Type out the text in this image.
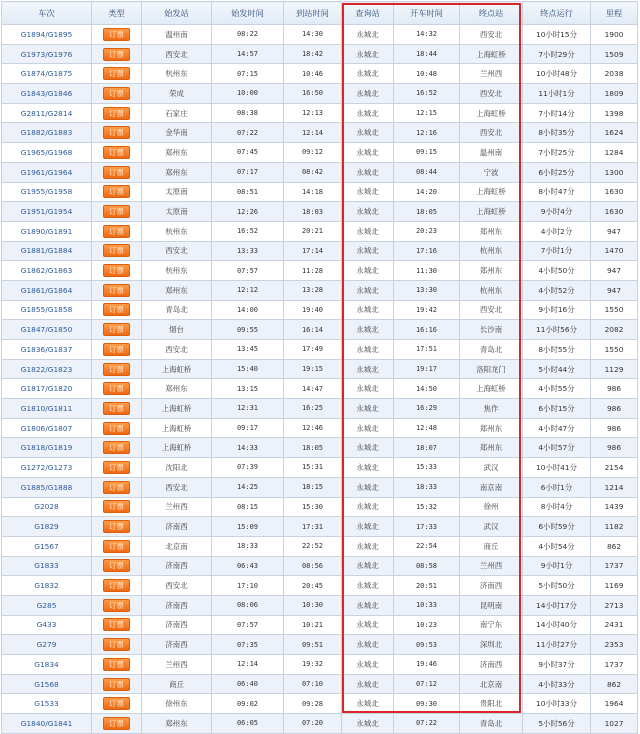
车次	类型	始发站	始发时间	到站时间	查询站	开车时间	终点站	终点运行	里程
G1894/G1895	订票	温州南	08:22	14:30	永城北	14:32	西安北	10小时15分	1900
G1973/G1976	订票	西安北	14:57	18:42	永城北	18:44	上海虹桥	7小时29分	1509
G1874/G1875	订票	杭州东	07:15	10:46	永城北	10:48	兰州西	10小时48分	2038
G1843/G1846	订票	荣成	10:00	16:50	永城北	16:52	西安北	11小时1分	1809
G2811/G2814	订票	石家庄	08:38	12:13	永城北	12:15	上海虹桥	7小时14分	1398
G1882/G1883	订票	金华南	07:22	12:14	永城北	12:16	西安北	8小时35分	1624
G1965/G1968	订票	郑州东	07:45	09:12	永城北	09:15	温州南	7小时25分	1284
G1961/G1964	订票	郑州东	07:17	08:42	永城北	08:44	宁波	6小时25分	1300
G1955/G1958	订票	太原南	08:51	14:18	永城北	14:20	上海虹桥	8小时47分	1630
G1951/G1954	订票	太原南	12:26	18:03	永城北	18:05	上海虹桥	9小时4分	1630
G1890/G1891	订票	杭州东	16:52	20:21	永城北	20:23	郑州东	4小时2分	947
G1881/G1884	订票	西安北	13:33	17:14	永城北	17:16	杭州东	7小时1分	1470
G1862/G1863	订票	杭州东	07:57	11:28	永城北	11:30	郑州东	4小时50分	947
G1861/G1864	订票	郑州东	12:12	13:28	永城北	13:30	杭州东	4小时52分	947
G1855/G1858	订票	青岛北	14:00	19:40	永城北	19:42	西安北	9小时16分	1550
G1847/G1850	订票	烟台	09:55	16:14	永城北	16:16	长沙南	11小时56分	2082
G1836/G1837	订票	西安北	13:45	17:49	永城北	17:51	青岛北	8小时55分	1550
G1822/G1823	订票	上海虹桥	15:40	19:15	永城北	19:17	洛阳龙门	5小时44分	1129
G1817/G1820	订票	郑州东	13:15	14:47	永城北	14:50	上海虹桥	4小时55分	986
G1810/G1811	订票	上海虹桥	12:31	16:25	永城北	16:29	焦作	6小时15分	986
G1806/G1807	订票	上海虹桥	09:17	12:46	永城北	12:48	郑州东	4小时47分	986
G1818/G1819	订票	上海虹桥	14:33	18:05	永城北	18:07	郑州东	4小时57分	986
G1272/G1273	订票	沈阳北	07:39	15:31	永城北	15:33	武汉	10小时41分	2154
G1885/G1888	订票	西安北	14:25	18:15	永城北	18:33	南京南	6小时1分	1214
G2028	订票	兰州西	08:15	15:30	永城北	15:32	徐州	8小时4分	1439
G1829	订票	济南西	15:09	17:31	永城北	17:33	武汉	6小时59分	1182
G1567	订票	北京南	18:33	22:52	永城北	22:54	商丘	4小时54分	862
G1833	订票	济南西	06:43	08:56	永城北	08:58	兰州西	9小时1分	1737
G1832	订票	西安北	17:10	20:45	永城北	20:51	济南西	5小时50分	1169
G285	订票	济南西	08:06	10:30	永城北	10:33	昆明南	14小时17分	2713
G433	订票	济南西	07:57	10:21	永城北	10:23	南宁东	14小时40分	2431
G279	订票	济南西	07:35	09:51	永城北	09:53	深圳北	11小时27分	2353
G1834	订票	兰州西	12:14	19:32	永城北	19:46	济南西	9小时37分	1737
G1568	订票	商丘	06:40	07:10	永城北	07:12	北京南	4小时33分	862
G1533	订票	徐州东	09:02	09:28	永城北	09:30	贵阳北	10小时33分	1964
G1840/G1841	订票	郑州东	06:05	07:20	永城北	07:22	青岛北	5小时56分	1027
